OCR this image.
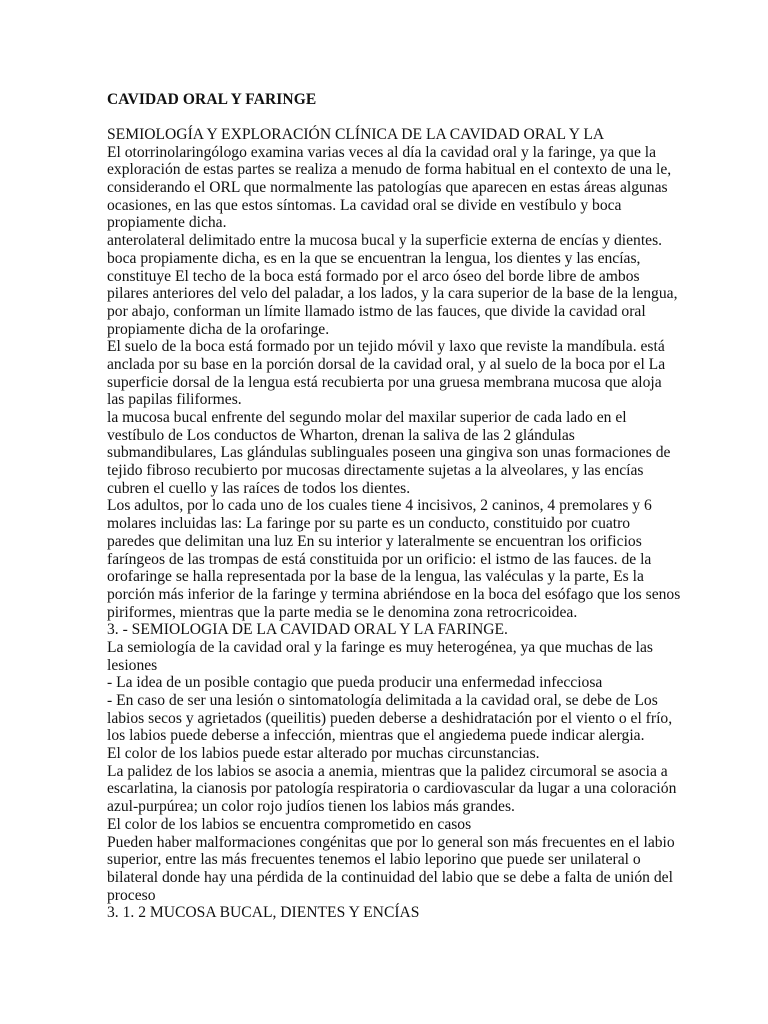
CAVIDAD ORAL Y FARINGE
SEMIOLOGÍA Y EXPLORACIÓN CLÍNICA DE LA CAVIDAD ORAL Y LA
El otorrinolaringólogo examina varias veces al día la cavidad oral y la faringe, ya que la
exploración de estas partes se realiza a menudo de forma habitual en el contexto de una le,
considerando el ORL que normalmente las patologías que aparecen en estas áreas algunas
ocasiones, en las que estos síntomas. La cavidad oral se divide en vestíbulo y boca
propiamente dicha.
anterolateral delimitado entre la mucosa bucal y la superficie externa de encías y dientes.
boca propiamente dicha, es en la que se encuentran la lengua, los dientes y las encías,
constituye El techo de la boca está formado por el arco óseo del borde libre de ambos
pilares anteriores del velo del paladar, a los lados, y la cara superior de la base de la lengua,
por abajo, conforman un límite llamado istmo de las fauces, que divide la cavidad oral
propiamente dicha de la orofaringe.
El suelo de la boca está formado por un tejido móvil y laxo que reviste la mandíbula. está
anclada por su base en la porción dorsal de la cavidad oral, y al suelo de la boca por el La
superficie dorsal de la lengua está recubierta por una gruesa membrana mucosa que aloja
las papilas filiformes.
la mucosa bucal enfrente del segundo molar del maxilar superior de cada lado en el
vestíbulo de Los conductos de Wharton, drenan la saliva de las 2 glándulas
submandibulares, Las glándulas sublinguales poseen una gingiva son unas formaciones de
tejido fibroso recubierto por mucosas directamente sujetas a la alveolares, y las encías
cubren el cuello y las raíces de todos los dientes.
Los adultos, por lo cada uno de los cuales tiene 4 incisivos, 2 caninos, 4 premolares y 6
molares incluidas las: La faringe por su parte es un conducto, constituido por cuatro
paredes que delimitan una luz En su interior y lateralmente se encuentran los orificios
faríngeos de las trompas de está constituida por un orificio: el istmo de las fauces. de la
orofaringe se halla representada por la base de la lengua, las valéculas y la parte, Es la
porción más inferior de la faringe y termina abriéndose en la boca del esófago que los senos
piriformes, mientras que la parte media se le denomina zona retrocricoidea.
3. - SEMIOLOGIA DE LA CAVIDAD ORAL Y LA FARINGE.
La semiología de la cavidad oral y la faringe es muy heterogénea, ya que muchas de las
lesiones
- La idea de un posible contagio que pueda producir una enfermedad infecciosa
- En caso de ser una lesión o sintomatología delimitada a la cavidad oral, se debe de Los
labios secos y agrietados (queilitis) pueden deberse a deshidratación por el viento o el frío,
los labios puede deberse a infección, mientras que el angiedema puede indicar alergia.
El color de los labios puede estar alterado por muchas circunstancias.
La palidez de los labios se asocia a anemia, mientras que la palidez circumoral se asocia a
escarlatina, la cianosis por patología respiratoria o cardiovascular da lugar a una coloración
azul-purpúrea; un color rojo judíos tienen los labios más grandes.
El color de los labios se encuentra comprometido en casos
Pueden haber malformaciones congénitas que por lo general son más frecuentes en el labio
superior, entre las más frecuentes tenemos el labio leporino que puede ser unilateral o
bilateral donde hay una pérdida de la continuidad del labio que se debe a falta de unión del
proceso
3. 1. 2 MUCOSA BUCAL, DIENTES Y ENCÍAS
